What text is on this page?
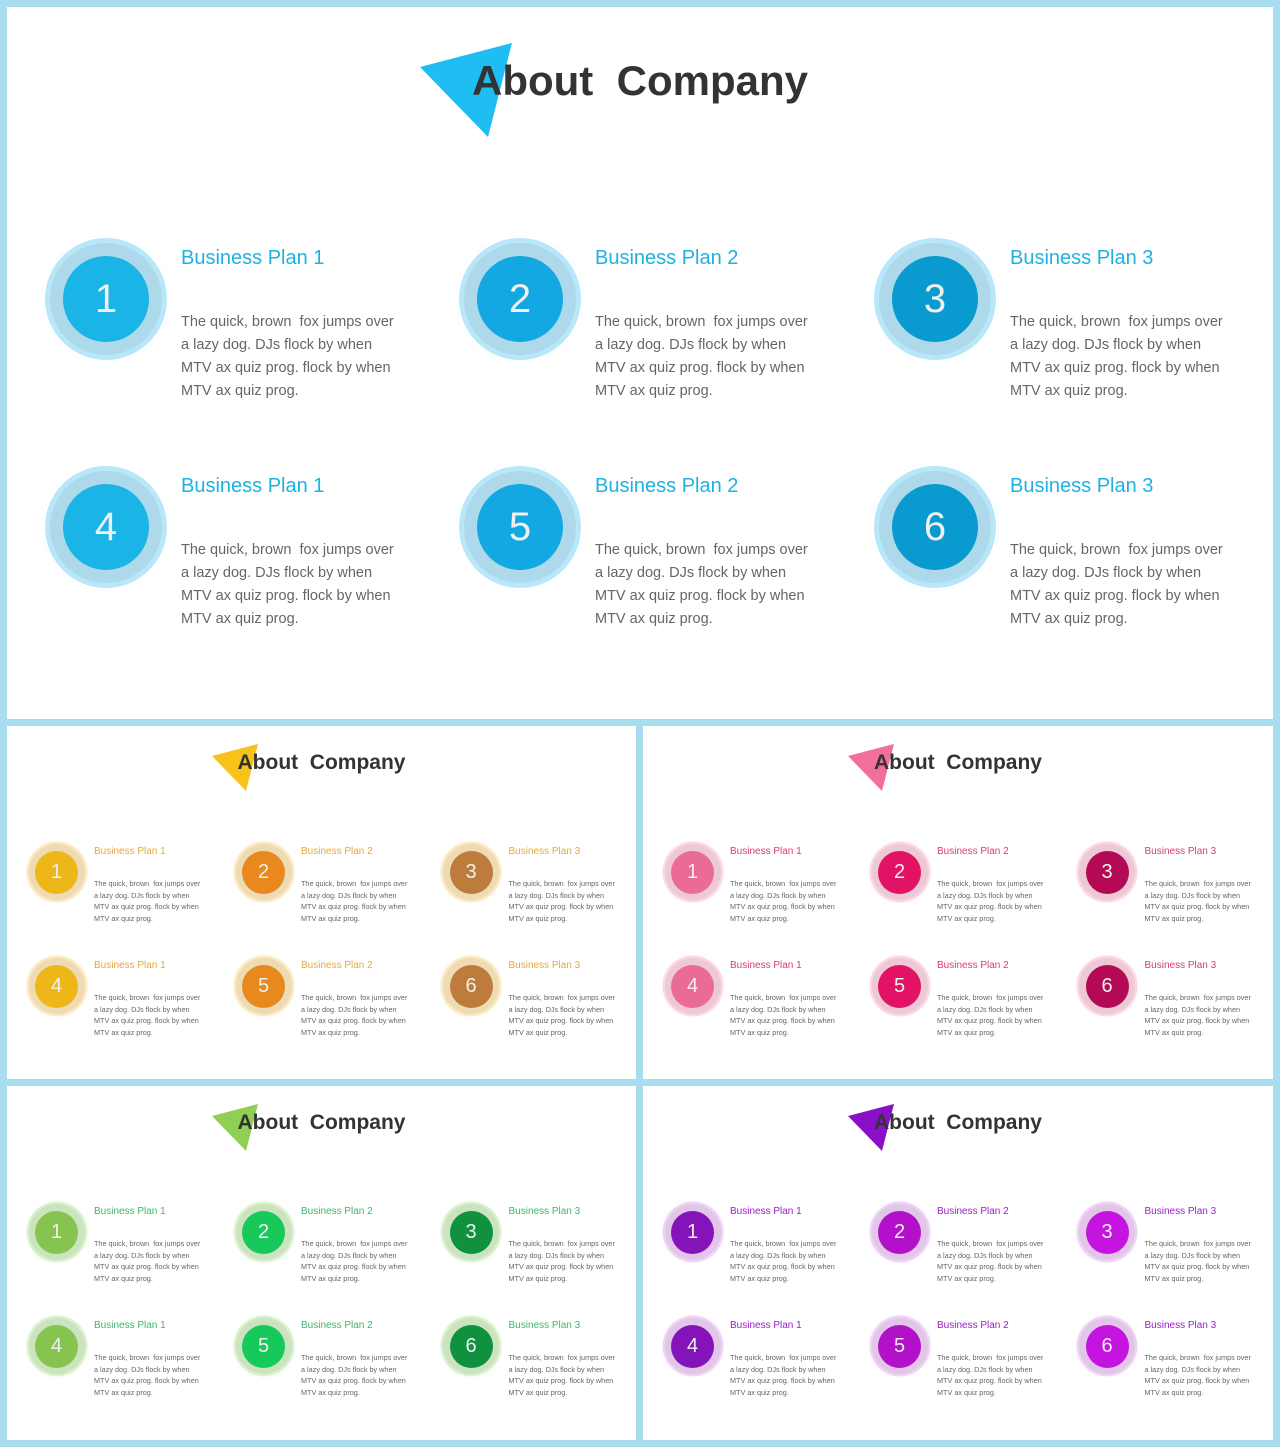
About  Company
1
Business Plan 1
The quick, brown  fox jumps over a lazy dog. DJs flock by when MTV ax quiz prog. flock by when MTV ax quiz prog.
2
Business Plan 2
The quick, brown  fox jumps over a lazy dog. DJs flock by when MTV ax quiz prog. flock by when MTV ax quiz prog.
3
Business Plan 3
The quick, brown  fox jumps over a lazy dog. DJs flock by when MTV ax quiz prog. flock by when MTV ax quiz prog.
4
Business Plan 1
The quick, brown  fox jumps over a lazy dog. DJs flock by when MTV ax quiz prog. flock by when MTV ax quiz prog.
5
Business Plan 2
The quick, brown  fox jumps over a lazy dog. DJs flock by when MTV ax quiz prog. flock by when MTV ax quiz prog.
6
Business Plan 3
The quick, brown  fox jumps over a lazy dog. DJs flock by when MTV ax quiz prog. flock by when MTV ax quiz prog.
About  Company
1
Business Plan 1
The quick, brown  fox jumps over a lazy dog. DJs flock by when MTV ax quiz prog. flock by when MTV ax quiz prog.
2
Business Plan 2
The quick, brown  fox jumps over a lazy dog. DJs flock by when MTV ax quiz prog. flock by when MTV ax quiz prog.
3
Business Plan 3
The quick, brown  fox jumps over a lazy dog. DJs flock by when MTV ax quiz prog. flock by when MTV ax quiz prog.
4
Business Plan 1
The quick, brown  fox jumps over a lazy dog. DJs flock by when MTV ax quiz prog. flock by when MTV ax quiz prog.
5
Business Plan 2
The quick, brown  fox jumps over a lazy dog. DJs flock by when MTV ax quiz prog. flock by when MTV ax quiz prog.
6
Business Plan 3
The quick, brown  fox jumps over a lazy dog. DJs flock by when MTV ax quiz prog. flock by when MTV ax quiz prog.
About  Company
1
Business Plan 1
The quick, brown  fox jumps over a lazy dog. DJs flock by when MTV ax quiz prog. flock by when MTV ax quiz prog.
2
Business Plan 2
The quick, brown  fox jumps over a lazy dog. DJs flock by when MTV ax quiz prog. flock by when MTV ax quiz prog.
3
Business Plan 3
The quick, brown  fox jumps over a lazy dog. DJs flock by when MTV ax quiz prog. flock by when MTV ax quiz prog.
4
Business Plan 1
The quick, brown  fox jumps over a lazy dog. DJs flock by when MTV ax quiz prog. flock by when MTV ax quiz prog.
5
Business Plan 2
The quick, brown  fox jumps over a lazy dog. DJs flock by when MTV ax quiz prog. flock by when MTV ax quiz prog.
6
Business Plan 3
The quick, brown  fox jumps over a lazy dog. DJs flock by when MTV ax quiz prog. flock by when MTV ax quiz prog.
About  Company
1
Business Plan 1
The quick, brown  fox jumps over a lazy dog. DJs flock by when MTV ax quiz prog. flock by when MTV ax quiz prog.
2
Business Plan 2
The quick, brown  fox jumps over a lazy dog. DJs flock by when MTV ax quiz prog. flock by when MTV ax quiz prog.
3
Business Plan 3
The quick, brown  fox jumps over a lazy dog. DJs flock by when MTV ax quiz prog. flock by when MTV ax quiz prog.
4
Business Plan 1
The quick, brown  fox jumps over a lazy dog. DJs flock by when MTV ax quiz prog. flock by when MTV ax quiz prog.
5
Business Plan 2
The quick, brown  fox jumps over a lazy dog. DJs flock by when MTV ax quiz prog. flock by when MTV ax quiz prog.
6
Business Plan 3
The quick, brown  fox jumps over a lazy dog. DJs flock by when MTV ax quiz prog. flock by when MTV ax quiz prog.
About  Company
1
Business Plan 1
The quick, brown  fox jumps over a lazy dog. DJs flock by when MTV ax quiz prog. flock by when MTV ax quiz prog.
2
Business Plan 2
The quick, brown  fox jumps over a lazy dog. DJs flock by when MTV ax quiz prog. flock by when MTV ax quiz prog.
3
Business Plan 3
The quick, brown  fox jumps over a lazy dog. DJs flock by when MTV ax quiz prog. flock by when MTV ax quiz prog.
4
Business Plan 1
The quick, brown  fox jumps over a lazy dog. DJs flock by when MTV ax quiz prog. flock by when MTV ax quiz prog.
5
Business Plan 2
The quick, brown  fox jumps over a lazy dog. DJs flock by when MTV ax quiz prog. flock by when MTV ax quiz prog.
6
Business Plan 3
The quick, brown  fox jumps over a lazy dog. DJs flock by when MTV ax quiz prog. flock by when MTV ax quiz prog.
